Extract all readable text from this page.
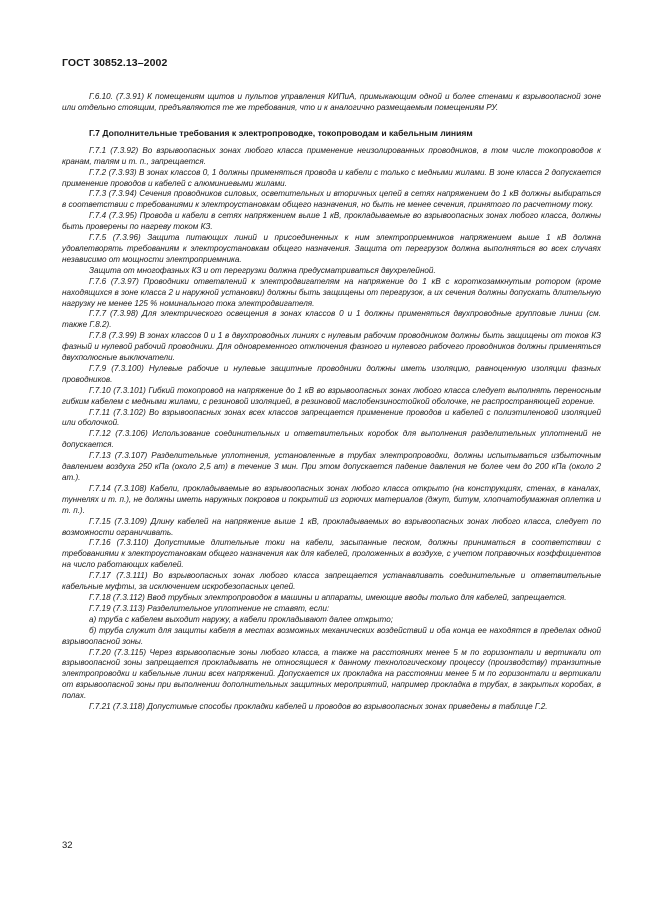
ГОСТ 30852.13–2002

Г.6.10. (7.3.91) К помещениям щитов и пультов управления КИПиА, примыкающим одной и более стенами к взрывоопасной зоне или отдельно стоящим, предъявляются те же требования, что и к аналогично размещаемым помещениям РУ.

Г.7 Дополнительные требования к электропроводке, токопроводам и кабельным линиям

Г.7.1 (7.3.92) Во взрывоопасных зонах любого класса применение неизолированных проводников, в том числе токопроводов к кранам, талям и т. п., запрещается.

Г.7.2 (7.3.93) В зонах классов 0, 1 должны применяться провода и кабели с только с медными жилами. В зоне класса 2 допускается применение проводов и кабелей с алюминиевыми жилами.

Г.7.3 (7.3.94) Сечения проводников силовых, осветительных и вторичных цепей в сетях напряжением до 1 кВ должны выбираться в соответствии с требованиями к электроустановкам общего назначения, но быть не менее сечения, принятого по расчетному току.

Г.7.4 (7.3.95) Провода и кабели в сетях напряжением выше 1 кВ, прокладываемые во взрывоопасных зонах любого класса, должны быть проверены по нагреву током КЗ.

Г.7.5 (7.3.96) Защита питающих линий и присоединенных к ним электроприемников напряжением выше 1 кВ должна удовлетворять требованиям к электроустановкам общего назначения. Защита от перегрузок должна выполняться во всех случаях независимо от мощности электроприемника.

Защита от многофазных КЗ и от перегрузки должна предусматриваться двухрелейной.

Г.7.6 (7.3.97) Проводники ответвлений к электродвигателям на напряжение до 1 кВ с короткозамкнутым ротором (кроме находящихся в зоне класса 2 и наружной установки) должны быть защищены от перегрузок, а их сечения должны допускать длительную нагрузку не менее 125 % номинального тока электродвигателя.

Г.7.7 (7.3.98) Для электрического освещения в зонах классов 0 и 1 должны применяться двухпроводные групповые линии (см. также Г.8.2).

Г.7.8 (7.3.99) В зонах классов 0 и 1 в двухпроводных линиях с нулевым рабочим проводником должны быть защищены от токов КЗ фазный и нулевой рабочий проводники. Для одновременного отключения фазного и нулевого рабочего проводников должны применяться двухполюсные выключатели.

Г.7.9 (7.3.100) Нулевые рабочие и нулевые защитные проводники должны иметь изоляцию, равноценную изоляции фазных проводников.

Г.7.10 (7.3.101) Гибкий токопровод на напряжение до 1 кВ во взрывоопасных зонах любого класса следует выполнять переносным гибким кабелем с медными жилами, с резиновой изоляцией, в резиновой маслобензиностойкой оболочке, не распространяющей горение.

Г.7.11 (7.3.102) Во взрывоопасных зонах всех классов запрещается применение проводов и кабелей с полиэтиленовой изоляцией или оболочкой.

Г.7.12 (7.3.106) Использование соединительных и ответвительных коробок для выполнения разделительных уплотнений не допускается.

Г.7.13 (7.3.107) Разделительные уплотнения, установленные в трубах электропроводки, должны испытываться избыточным давлением воздуха 250 кПа (около 2,5 ат) в течение 3 мин. При этом допускается падение давления не более чем до 200 кПа (около 2 ат.).

Г.7.14 (7.3.108) Кабели, прокладываемые во взрывоопасных зонах любого класса открыто (на конструкциях, стенах, в каналах, туннелях и т. п.), не должны иметь наружных покровов и покрытий из горючих материалов (джут, битум, хлопчатобумажная оплетка и т. п.).

Г.7.15 (7.3.109) Длину кабелей на напряжение выше 1 кВ, прокладываемых во взрывоопасных зонах любого класса, следует по возможности ограничивать.

Г.7.16 (7.3.110) Допустимые длительные токи на кабели, засыпанные песком, должны приниматься в соответствии с требованиями к электроустановкам общего назначения как для кабелей, проложенных в воздухе, с учетом поправочных коэффициентов на число работающих кабелей.

Г.7.17 (7.3.111) Во взрывоопасных зонах любого класса запрещается устанавливать соединительные и ответвительные кабельные муфты, за исключением искробезопасных цепей.

Г.7.18 (7.3.112) Ввод трубных электропроводок в машины и аппараты, имеющие вводы только для кабелей, запрещается.

Г.7.19 (7.3.113) Разделительное уплотнение не ставят, если:

а) труба с кабелем выходит наружу, а кабели прокладывают далее открыто;

б) труба служит для защиты кабеля в местах возможных механических воздействий и оба конца ее находятся в пределах одной взрывоопасной зоны.

Г.7.20 (7.3.115) Через взрывоопасные зоны любого класса, а также на расстояниях менее 5 м по горизонтали и вертикали от взрывоопасной зоны запрещается прокладывать не относящиеся к данному технологическому процессу (производству) транзитные электропроводки и кабельные линии всех напряжений. Допускается их прокладка на расстоянии менее 5 м по горизонтали и вертикали от взрывоопасной зоны при выполнении дополнительных защитных мероприятий, например прокладка в трубах, в закрытых коробах, в полах.

Г.7.21 (7.3.118) Допустимые способы прокладки кабелей и проводов во взрывоопасных зонах приведены в таблице Г.2.

32
